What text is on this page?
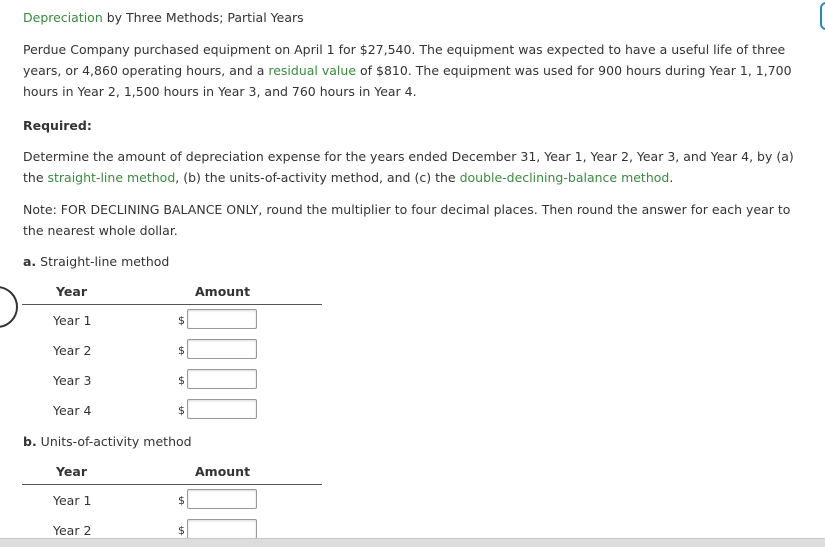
Depreciation by Three Methods; Partial Years
Perdue Company purchased equipment on April 1 for $27,540. The equipment was expected to have a useful life of three years, or 4,860 operating hours, and a residual value of $810. The equipment was used for 900 hours during Year 1, 1,700 hours in Year 2, 1,500 hours in Year 3, and 760 hours in Year 4.
Required:
Determine the amount of depreciation expense for the years ended December 31, Year 1, Year 2, Year 3, and Year 4, by (a) the straight-line method, (b) the units-of-activity method, and (c) the double-declining-balance method.
Note: FOR DECLINING BALANCE ONLY, round the multiplier to four decimal places. Then round the answer for each year to the nearest whole dollar.
a. Straight-line method
Year	Amount
Year 1	$
Year 2	$
Year 3	$
Year 4	$
b. Units-of-activity method
Year	Amount
Year 1	$
Year 2	$
